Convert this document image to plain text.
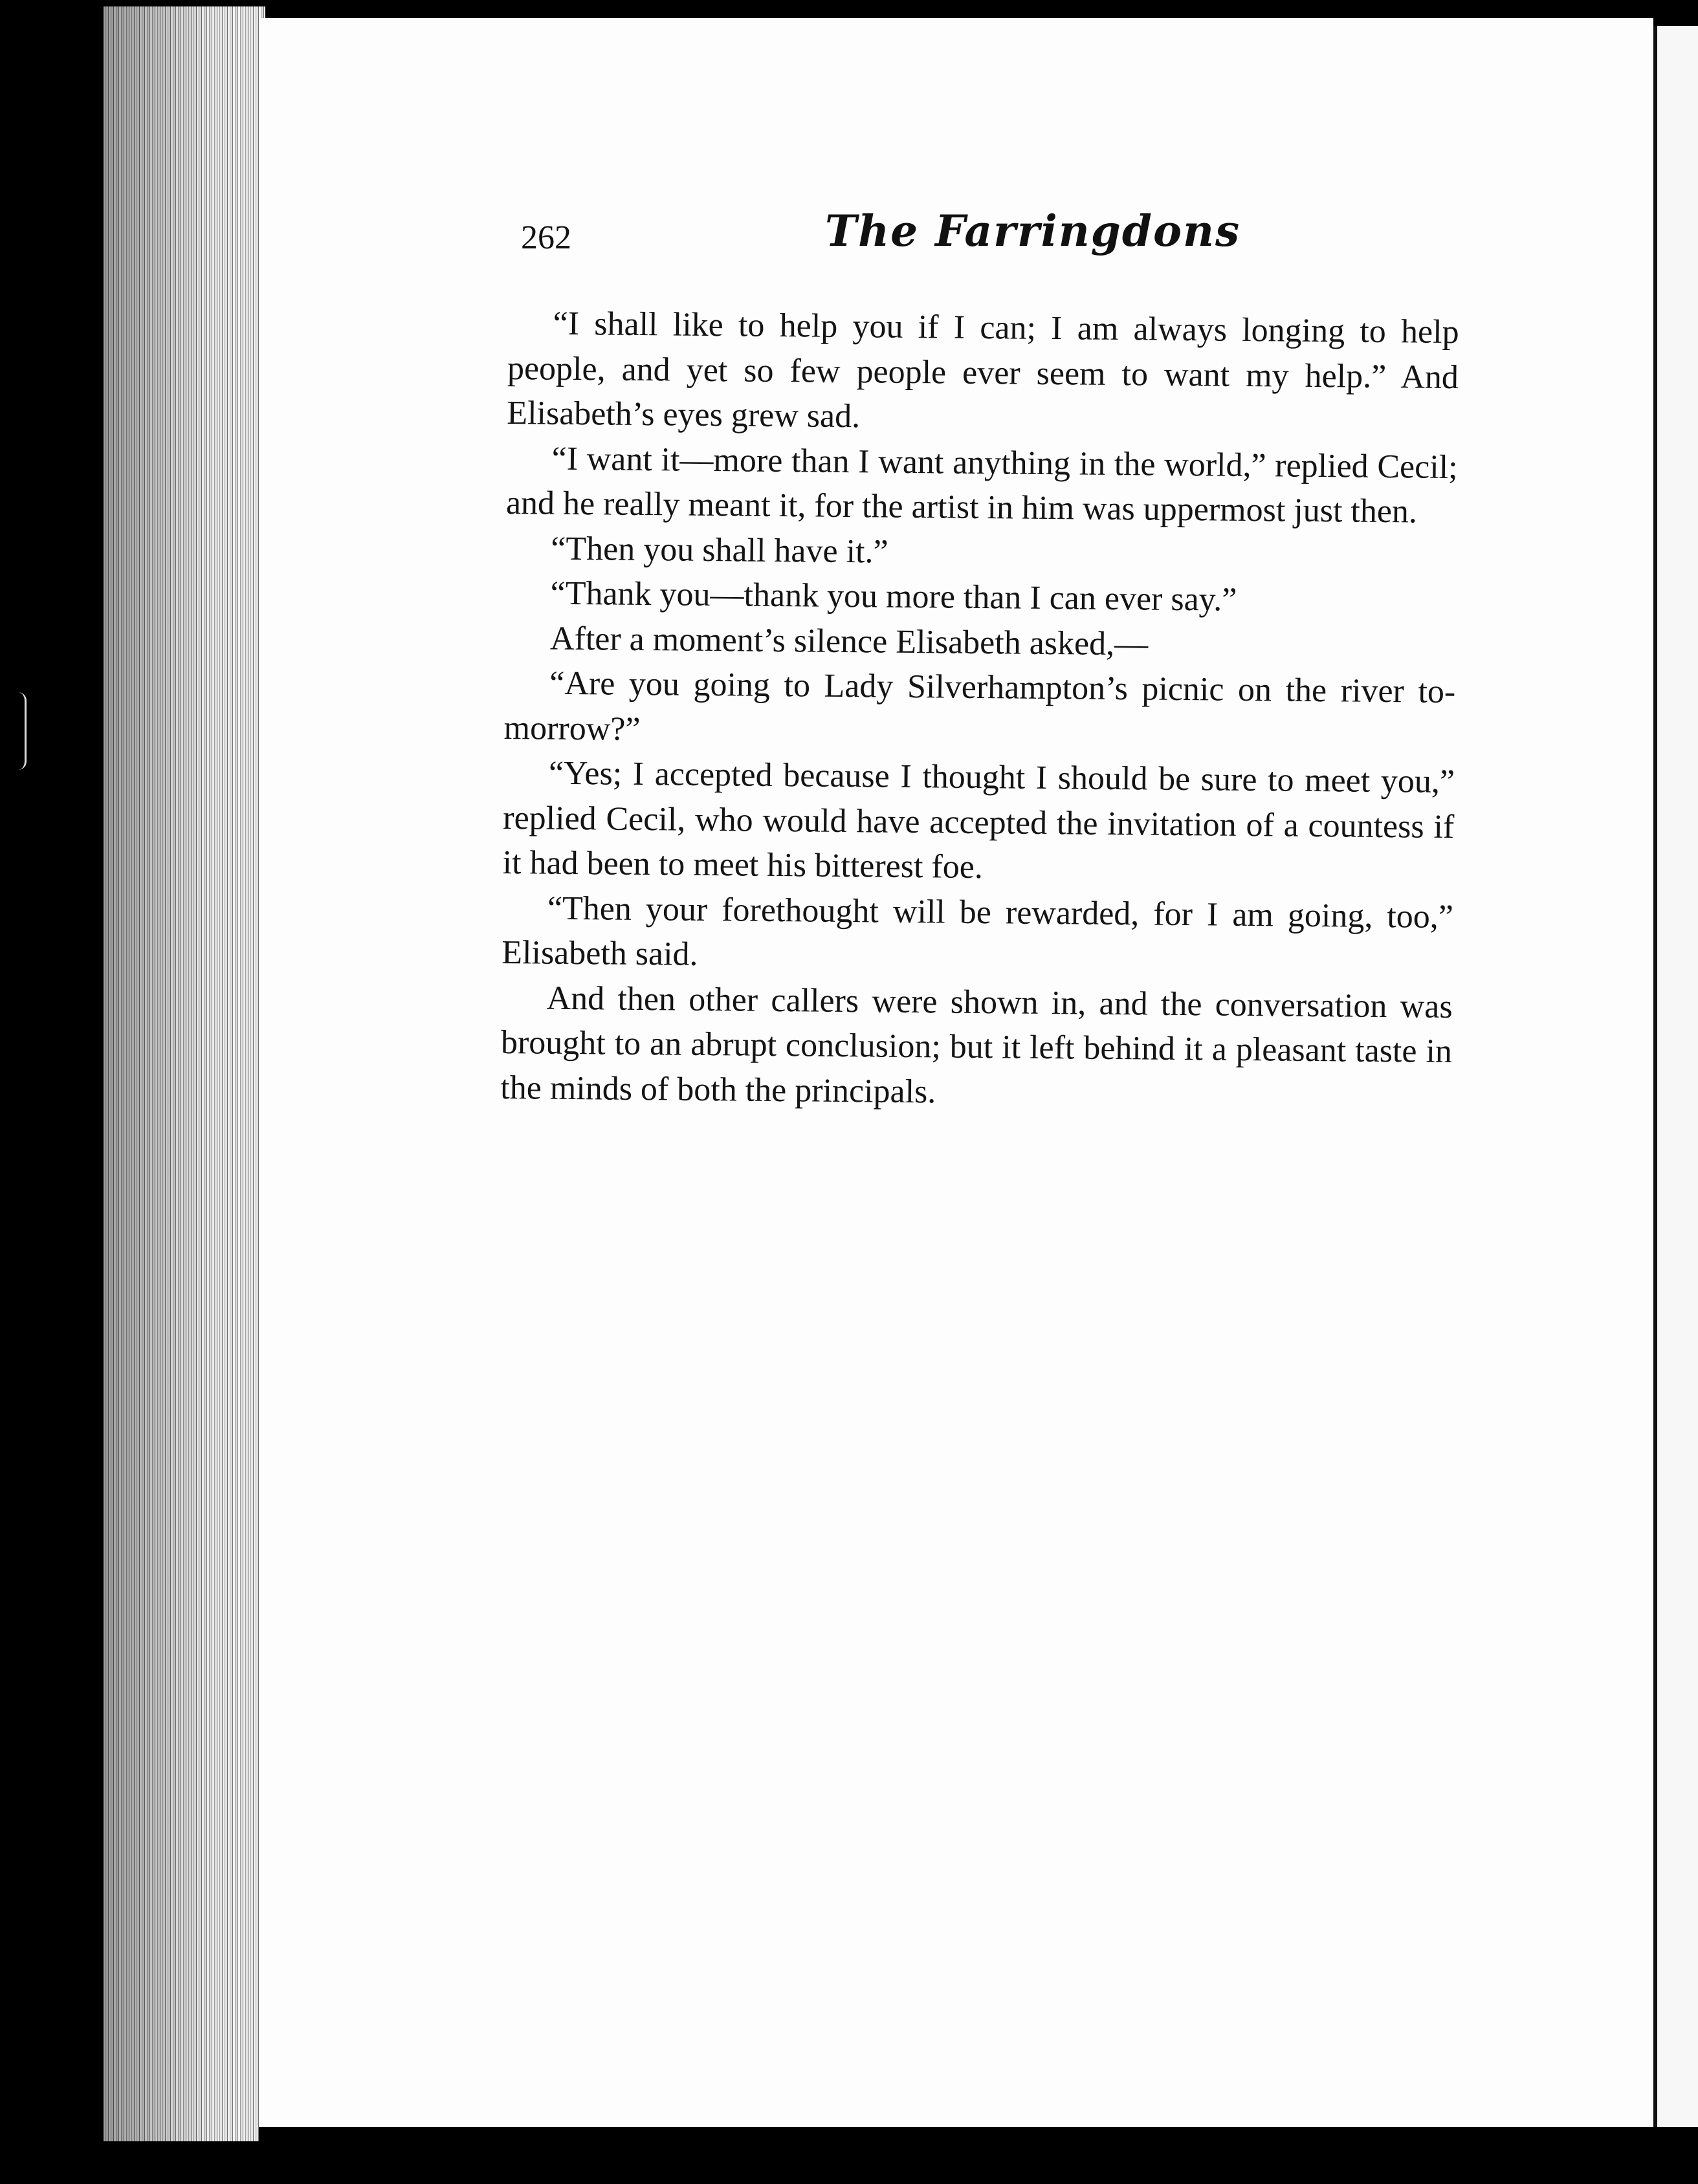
262	The Farringdons

“I shall like to help you if I can; I am always longing to help people, and yet so few people ever seem to want my help.” And Elisabeth’s eyes grew sad.

“I want it—more than I want anything in the world,” replied Cecil; and he really meant it, for the artist in him was uppermost just then.

“Then you shall have it.”

“Thank you—thank you more than I can ever say.”

After a moment’s silence Elisabeth asked,—

“Are you going to Lady Silverhampton’s picnic on the river to-morrow?”

“Yes; I accepted because I thought I should be sure to meet you,” replied Cecil, who would have accepted the invitation of a countess if it had been to meet his bitterest foe.

“Then your forethought will be rewarded, for I am going, too,” Elisabeth said.

And then other callers were shown in, and the conversation was brought to an abrupt conclusion; but it left behind it a pleasant taste in the minds of both the principals.
